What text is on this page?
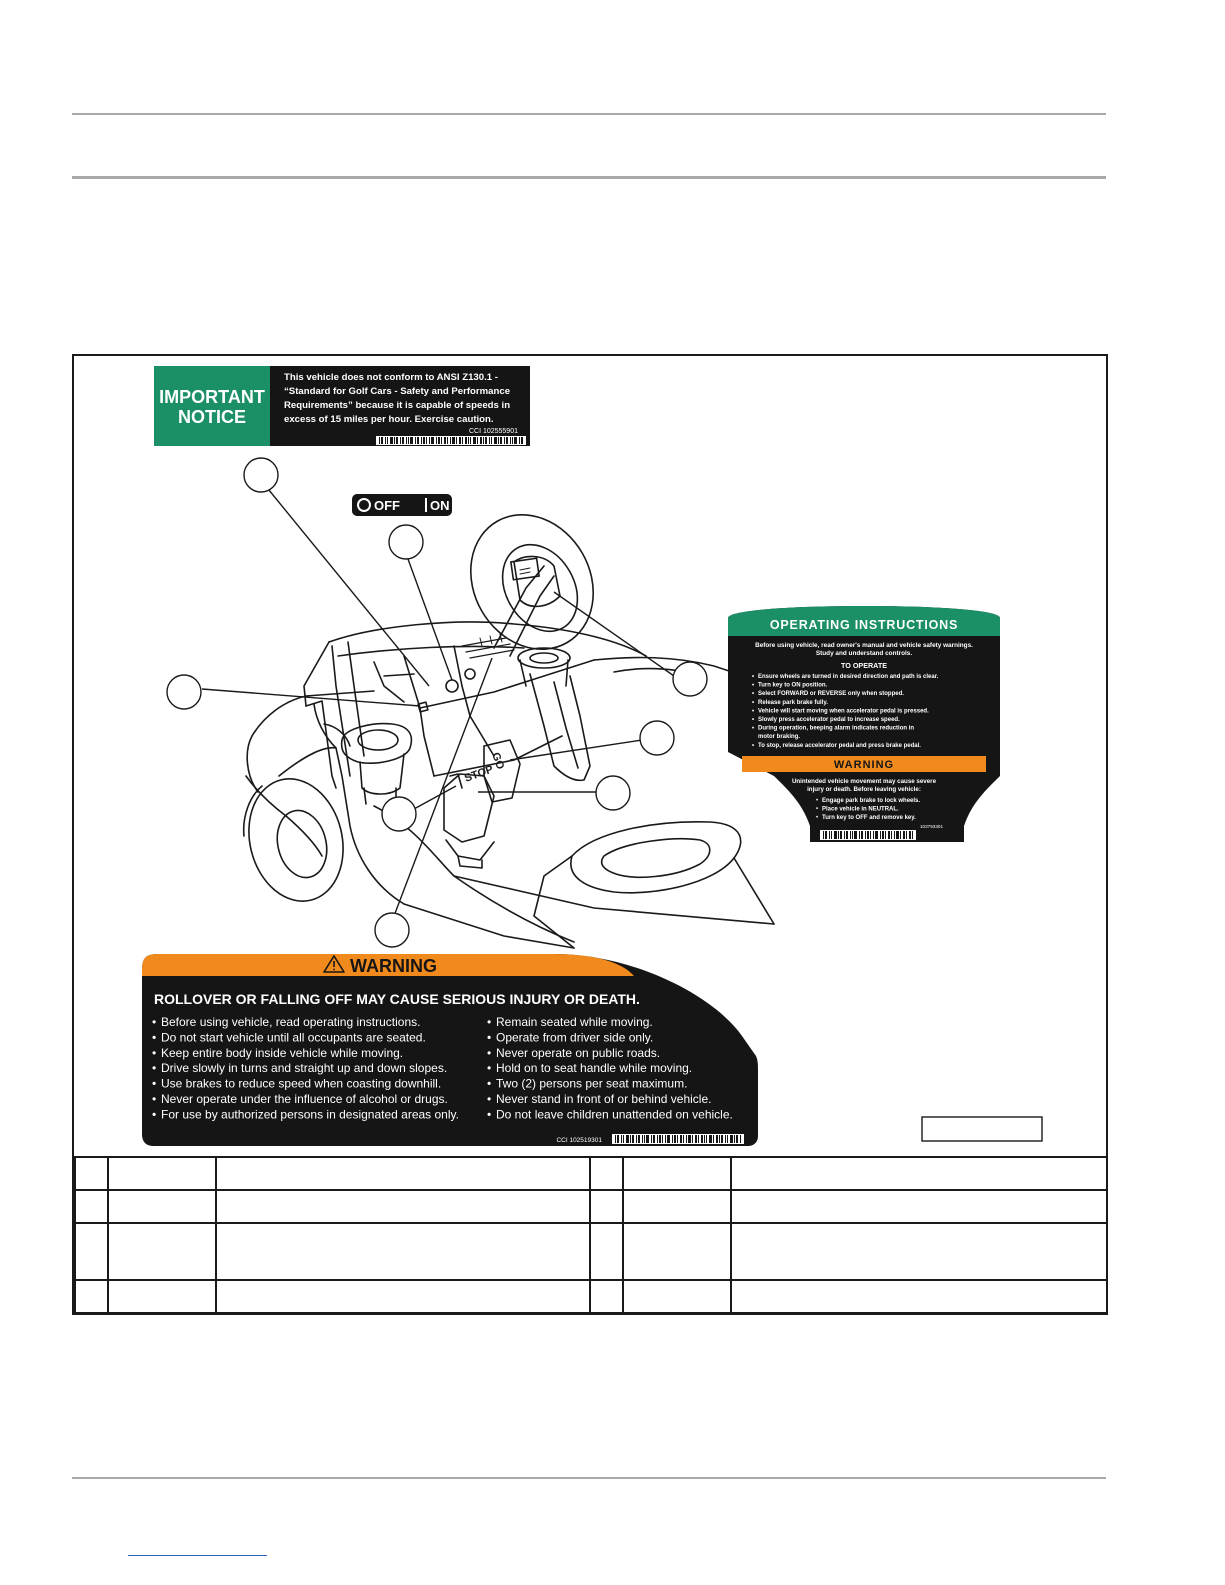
IMPORTANT
NOTICE
This vehicle does not conform to ANSI Z130.1 -
“Standard for Golf Cars - Safety and Performance
Requirements” because it is capable of speeds in
excess of 15 miles per hour. Exercise caution.
CCI 102555901
OFF ON
STOP
GO
OPERATING INSTRUCTIONS
Before using vehicle, read owner's manual and vehicle safety warnings.
Study and understand controls.
TO OPERATE
• Ensure wheels are turned in desired direction and path is clear.
• Turn key to ON position.
• Select FORWARD or REVERSE only when stopped.
• Release park brake fully.
• Vehicle will start moving when accelerator pedal is pressed.
• Slowly press accelerator pedal to increase speed.
• During operation, beeping alarm indicates reduction in
motor braking.
• To stop, release accelerator pedal and press brake pedal.
WARNING
Unintended vehicle movement may cause severe
injury or death. Before leaving vehicle:
• Engage park brake to lock wheels.
• Place vehicle in NEUTRAL.
• Turn key to OFF and remove key.
103793301
WARNING
ROLLOVER OR FALLING OFF MAY CAUSE SERIOUS INJURY OR DEATH.
• Before using vehicle, read operating instructions.
• Do not start vehicle until all occupants are seated.
• Keep entire body inside vehicle while moving.
• Drive slowly in turns and straight up and down slopes.
• Use brakes to reduce speed when coasting downhill.
• Never operate under the influence of alcohol or drugs.
• For use by authorized persons in designated areas only.
• Remain seated while moving.
• Operate from driver side only.
• Never operate on public roads.
• Hold on to seat handle while moving.
• Two (2) persons per seat maximum.
• Never stand in front of or behind vehicle.
• Do not leave children unattended on vehicle.
CCI 102519301
